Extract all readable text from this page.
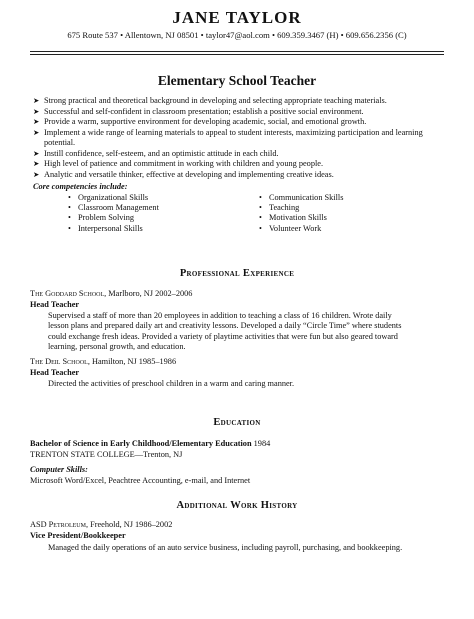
JANE TAYLOR
675 Route 537 • Allentown, NJ 08501 • taylor47@aol.com • 609.359.3467 (H) • 609.656.2356 (C)
Elementary School Teacher
➤ Strong practical and theoretical background in developing and selecting appropriate teaching materials.
➤ Successful and self-confident in classroom presentation; establish a positive social environment.
➤ Provide a warm, supportive environment for developing academic, social, and emotional growth.
➤ Implement a wide range of learning materials to appeal to student interests, maximizing participation and learning potential.
➤ Instill confidence, self-esteem, and an optimistic attitude in each child.
➤ High level of patience and commitment in working with children and young people.
➤ Analytic and versatile thinker, effective at developing and implementing creative ideas.
Core competencies include:
• Organizational Skills
• Classroom Management
• Problem Solving
• Interpersonal Skills
• Communication Skills
• Teaching
• Motivation Skills
• Volunteer Work
Professional Experience
The Goddard School, Marlboro, NJ 2002–2006
Head Teacher
Supervised a staff of more than 20 employees in addition to teaching a class of 16 children. Wrote daily
lesson plans and prepared daily art and creativity lessons. Developed a daily “Circle Time” where students
could exchange fresh ideas. Provided a variety of playtime activities that were fun but also geared toward
learning, personal growth, and education.
The Deil School, Hamilton, NJ 1985–1986
Head Teacher
Directed the activities of preschool children in a warm and caring manner.
Education
Bachelor of Science in Early Childhood/Elementary Education 1984
TRENTON STATE COLLEGE—Trenton, NJ
Computer Skills:
Microsoft Word/Excel, Peachtree Accounting, e-mail, and Internet
Additional Work History
ASD Petroleum, Freehold, NJ 1986–2002
Vice President/Bookkeeper
Managed the daily operations of an auto service business, including payroll, purchasing, and bookkeeping.
